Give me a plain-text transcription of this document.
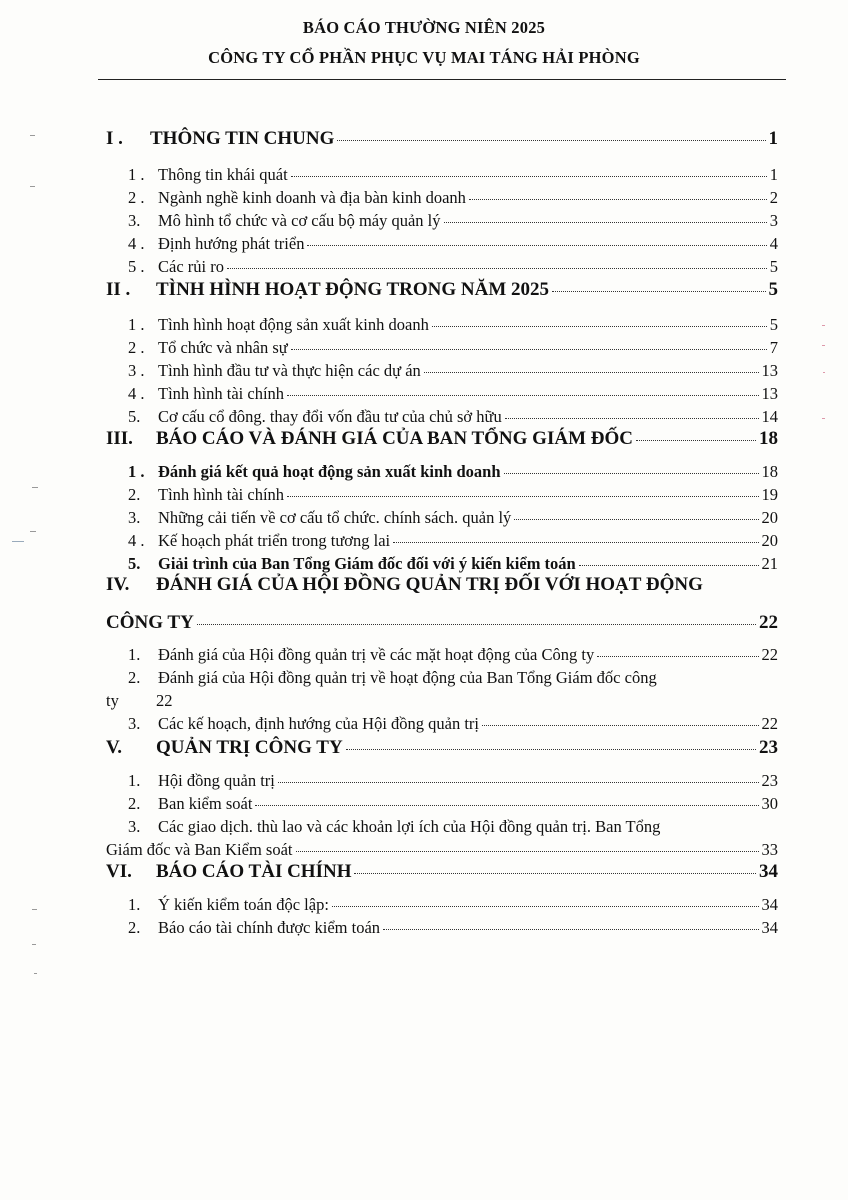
BÁO CÁO THƯỜNG NIÊN 2025
CÔNG TY CỔ PHẦN PHỤC VỤ MAI TÁNG HẢI PHÒNG
I .	THÔNG TIN CHUNG	1
1 . Thông tin khái quát	1
2 . Ngành nghề kinh doanh và địa bàn kinh doanh	2
3.	Mô hình tổ chức và cơ cấu bộ máy quản lý	3
4 . Định hướng phát triển	4
5 . Các rủi ro	5
II .	TÌNH HÌNH HOẠT ĐỘNG TRONG NĂM 2025	5
1 . Tình hình hoạt động sản xuất kinh doanh	5
2 . Tổ chức và nhân sự	7
3 . Tình hình đầu tư và thực hiện các dự án	13
4 . Tình hình tài chính	13
5.	Cơ cấu cổ đông. thay đổi vốn đầu tư của chủ sở hữu	14
III.	BÁO CÁO VÀ ĐÁNH GIÁ CỦA BAN TỔNG GIÁM ĐỐC	18
1 . Đánh giá kết quả hoạt động sản xuất kinh doanh	18
2.	Tình hình tài chính	19
3.	Những cải tiến về cơ cấu tổ chức. chính sách. quản lý	20
4 . Kế hoạch phát triển trong tương lai	20
5.	Giải trình của Ban Tổng Giám đốc đối với ý kiến kiểm toán	21
IV. ĐÁNH GIÁ CỦA HỘI ĐỒNG QUẢN TRỊ ĐỐI VỚI HOẠT ĐỘNG
CÔNG TY	22
1.	Đánh giá của Hội đồng quản trị về các mặt hoạt động của Công ty	22
2. Đánh giá của Hội đồng quản trị về hoạt động của Ban Tổng Giám đốc công
ty 22
3.	Các kế hoạch, định hướng của Hội đồng quản trị	22
V.	QUẢN TRỊ CÔNG TY	23
1.	Hội đồng quản trị	23
2.	Ban kiểm soát	30
3. Các giao dịch. thù lao và các khoản lợi ích của Hội đồng quản trị. Ban Tổng
Giám đốc và Ban Kiểm soát	33
VI.	BÁO CÁO TÀI CHÍNH	34
1.	Ý kiến kiểm toán độc lập:	34
2.	Báo cáo tài chính được kiểm toán	34
